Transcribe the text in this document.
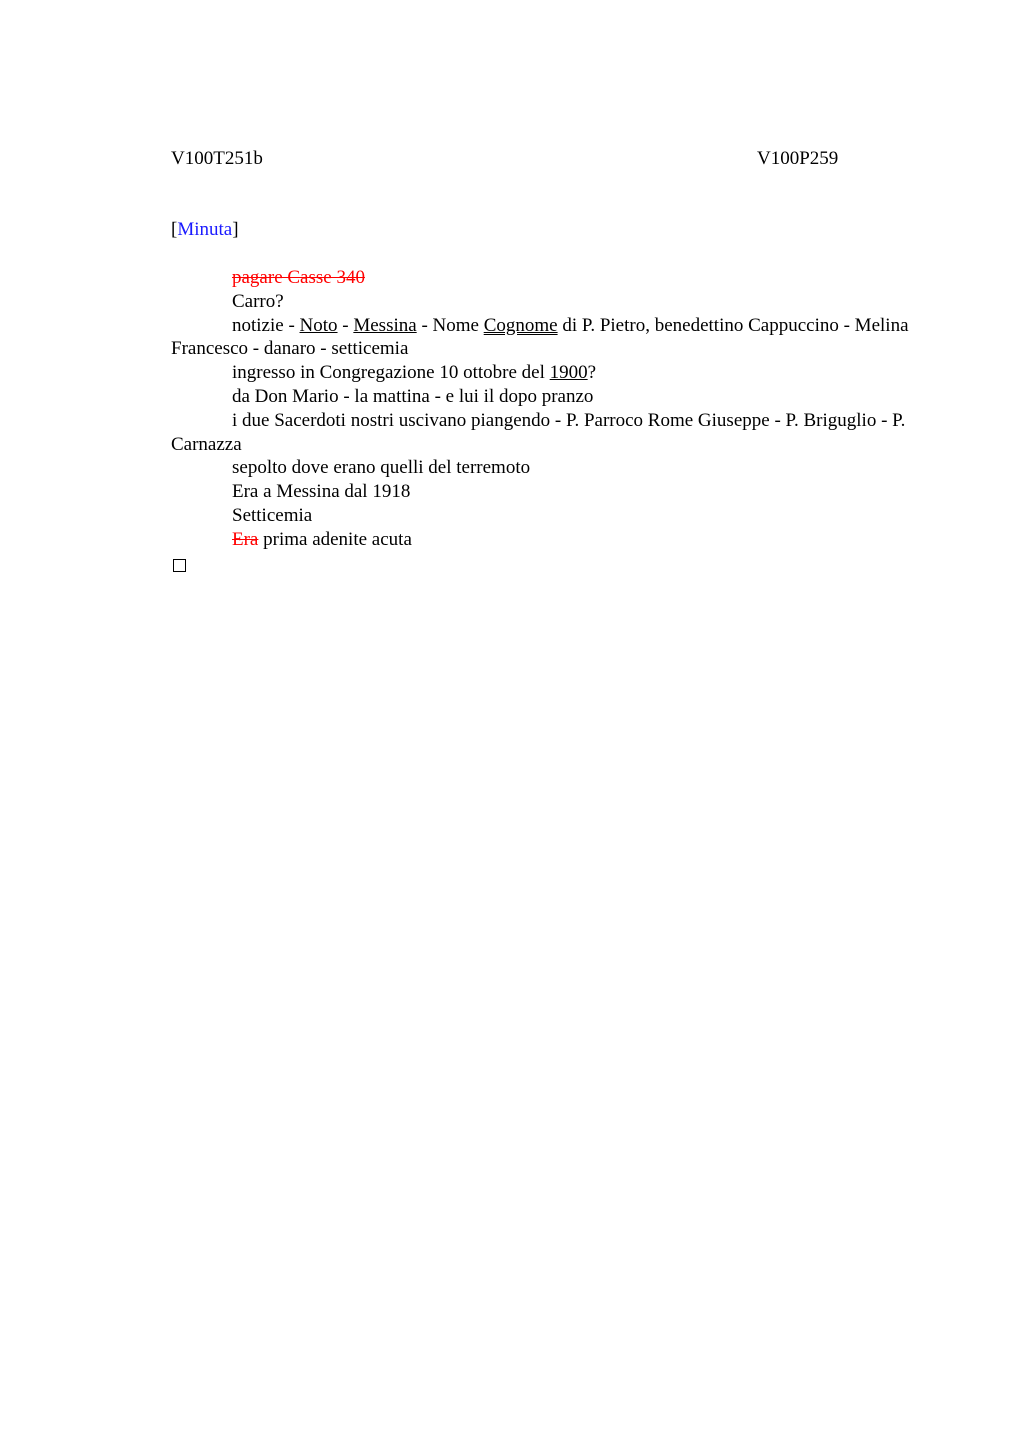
V100T251b	V100P259
[Minuta]

pagare Casse 340

Carro?

notizie - Noto - Messina - Nome Cognome di P. Pietro, benedettino Cappuccino - Melina Francesco - danaro - setticemia

ingresso in Congregazione 10 ottobre del 1900?

da Don Mario - la mattina - e lui il dopo pranzo

i due Sacerdoti nostri uscivano piangendo - P. Parroco Rome Giuseppe - P. Briguglio - P. Carnazza

sepolto dove erano quelli del terremoto

Era a Messina dal 1918

Setticemia

Era prima adenite acuta
